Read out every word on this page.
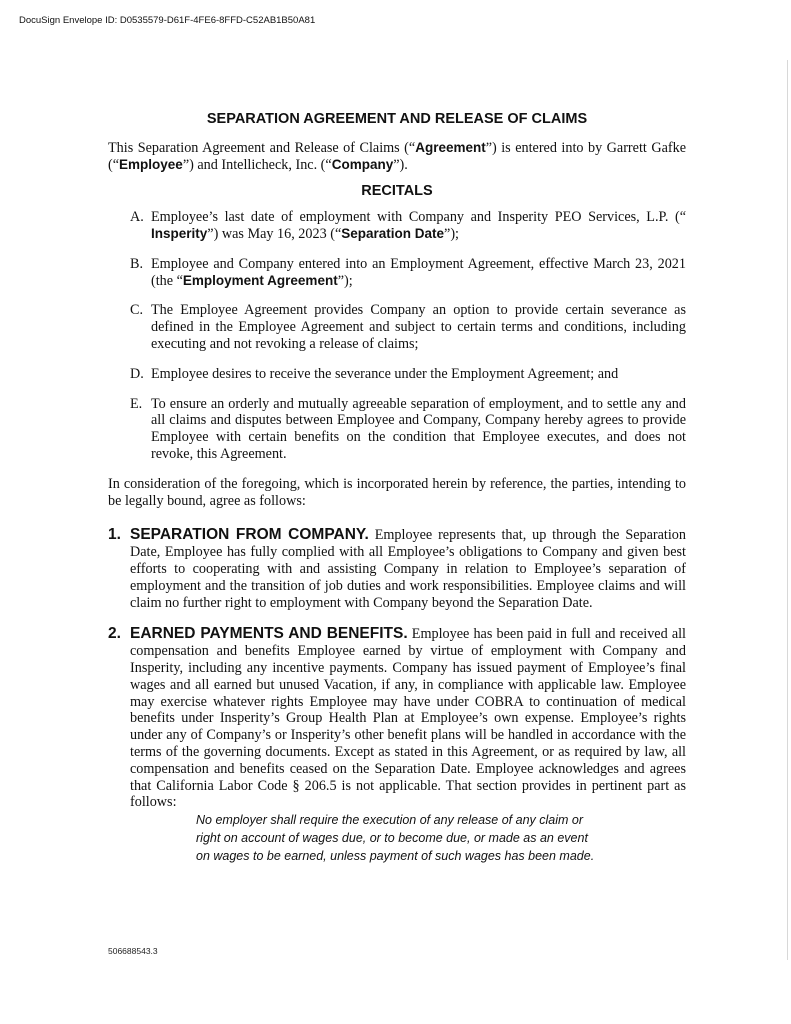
DocuSign Envelope ID: D0535579-D61F-4FE6-8FFD-C52AB1B50A81
SEPARATION AGREEMENT AND RELEASE OF CLAIMS

This Separation Agreement and Release of Claims (“Agreement”) is entered into by Garrett Gafke (“Employee”) and Intellicheck, Inc. (“Company”).

RECITALS
A. Employee’s last date of employment with Company and Insperity PEO Services, L.P. (“ Insperity”) was May 16, 2023 (“Separation Date”);
B. Employee and Company entered into an Employment Agreement, effective March 23, 2021 (the “Employment Agreement”);
C. The Employee Agreement provides Company an option to provide certain severance as defined in the Employee Agreement and subject to certain terms and conditions, including executing and not revoking a release of claims;
D. Employee desires to receive the severance under the Employment Agreement; and
E. To ensure an orderly and mutually agreeable separation of employment, and to settle any and all claims and disputes between Employee and Company, Company hereby agrees to provide Employee with certain benefits on the condition that Employee executes, and does not revoke, this Agreement.

In consideration of the foregoing, which is incorporated herein by reference, the parties, intending to be legally bound, agree as follows:

1. SEPARATION FROM COMPANY. Employee represents that, up through the Separation Date, Employee has fully complied with all Employee’s obligations to Company and given best efforts to cooperating with and assisting Company in relation to Employee’s separation of employment and the transition of job duties and work responsibilities. Employee claims and will claim no further right to employment with Company beyond the Separation Date.
2. EARNED PAYMENTS AND BENEFITS. Employee has been paid in full and received all compensation and benefits Employee earned by virtue of employment with Company and Insperity, including any incentive payments. Company has issued payment of Employee’s final wages and all earned but unused Vacation, if any, in compliance with applicable law. Employee may exercise whatever rights Employee may have under COBRA to continuation of medical benefits under Insperity’s Group Health Plan at Employee’s own expense. Employee’s rights under any of Company’s or Insperity’s other benefit plans will be handled in accordance with the terms of the governing documents. Except as stated in this Agreement, or as required by law, all compensation and benefits ceased on the Separation Date. Employee acknowledges and agrees that California Labor Code § 206.5 is not applicable. That section provides in pertinent part as follows:
No employer shall require the execution of any release of any claim or right on account of wages due, or to become due, or made as an event on wages to be earned, unless payment of such wages has been made.
506688543.3
